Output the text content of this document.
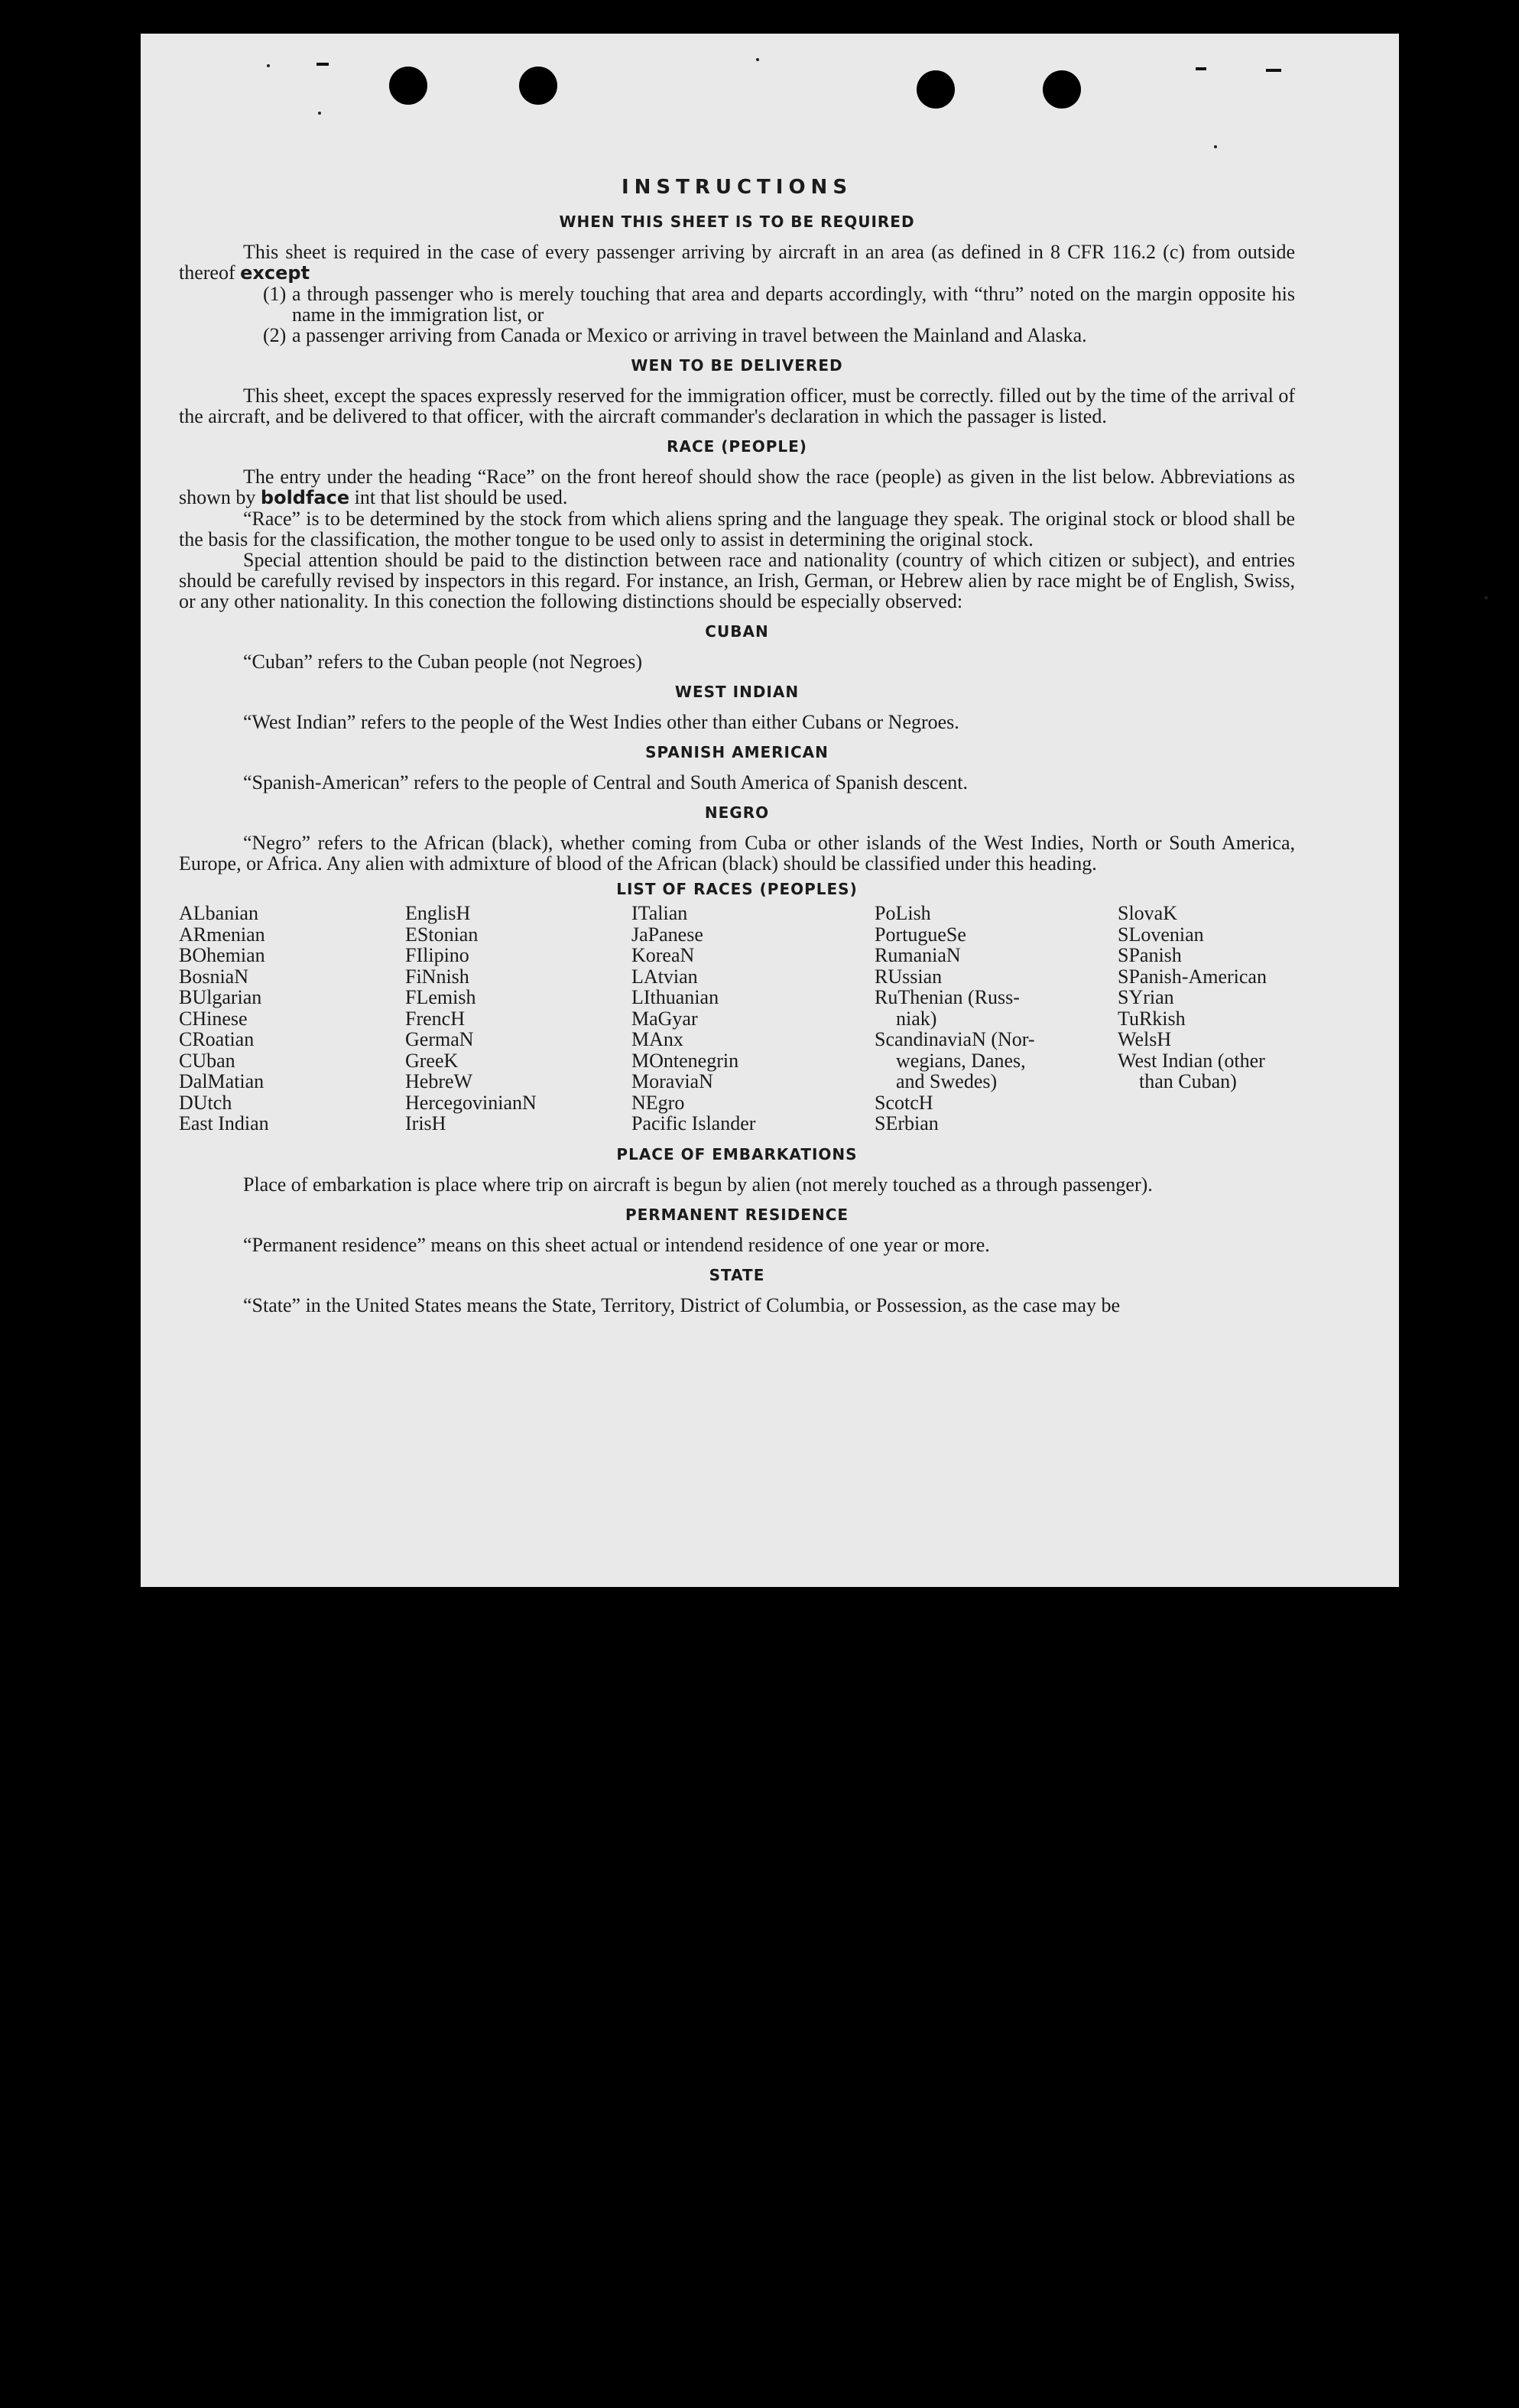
INSTRUCTIONS
WHEN THIS SHEET IS TO BE REQUIRED

This sheet is required in the case of every passenger arriving by aircraft in an area (as defined in 8 CFR 116.2 (c) from outside thereof except

(1) a through passenger who is merely touching that area and departs accordingly, with “thru” noted on the margin opposite his name in the immigration list, or
(2) a passenger arriving from Canada or Mexico or arriving in travel between the Mainland and Alaska.
WEN TO BE DELIVERED

This sheet, except the spaces expressly reserved for the immigration officer, must be correctly. filled out by the time of the arrival of the aircraft, and be delivered to that officer, with the aircraft commander's declaration in which the passager is listed.

RACE (PEOPLE)

The entry under the heading “Race” on the front hereof should show the race (people) as given in the list below. Abbreviations as shown by boldface int that list should be used.

“Race” is to be determined by the stock from which aliens spring and the language they speak. The original stock or blood shall be the basis for the classification, the mother tongue to be used only to assist in determining the original stock.

Special attention should be paid to the distinction between race and nationality (country of which citizen or subject), and entries should be carefully revised by inspectors in this regard. For instance, an Irish, German, or Hebrew alien by race might be of English, Swiss, or any other nationality. In this conection the following distinctions should be especially observed:

CUBAN

“Cuban” refers to the Cuban people (not Negroes)

WEST INDIAN

“West Indian” refers to the people of the West Indies other than either Cubans or Negroes.

SPANISH AMERICAN

“Spanish-American” refers to the people of Central and South America of Spanish descent.

NEGRO

“Negro” refers to the African (black), whether coming from Cuba or other islands of the West Indies, North or South America, Europe, or Africa. Any alien with admixture of blood of the African (black) should be classified under this heading.

LIST OF RACES (PEOPLES)
ALbanian
ARmenian
BOhemian
BosniaN
BUlgarian
CHinese
CRoatian
CUban
DalMatian
DUtch
East Indian
EnglisH
EStonian
FIlipino
FiNnish
FLemish
FrencH
GermaN
GreeK
HebreW
HercegovinianN
IrisH
ITalian
JaPanese
KoreaN
LAtvian
LIthuanian
MaGyar
MAnx
MOntenegrin
MoraviaN
NEgro
Pacific Islander
PoLish
PortugueSe
RumaniaN
RUssian
RuThenian (Russ-
niak)
ScandinaviaN (Nor-
wegians, Danes,
and Swedes)
ScotcH
SErbian
SlovaK
SLovenian
SPanish
SPanish-American
SYrian
TuRkish
WelsH
West Indian (other
than Cuban)
PLACE OF EMBARKATIONS

Place of embarkation is place where trip on aircraft is begun by alien (not merely touched as a through passenger).

PERMANENT RESIDENCE

“Permanent residence” means on this sheet actual or intendend residence of one year or more.

STATE

“State” in the United States means the State, Territory, District of Columbia, or Possession, as the case may be
